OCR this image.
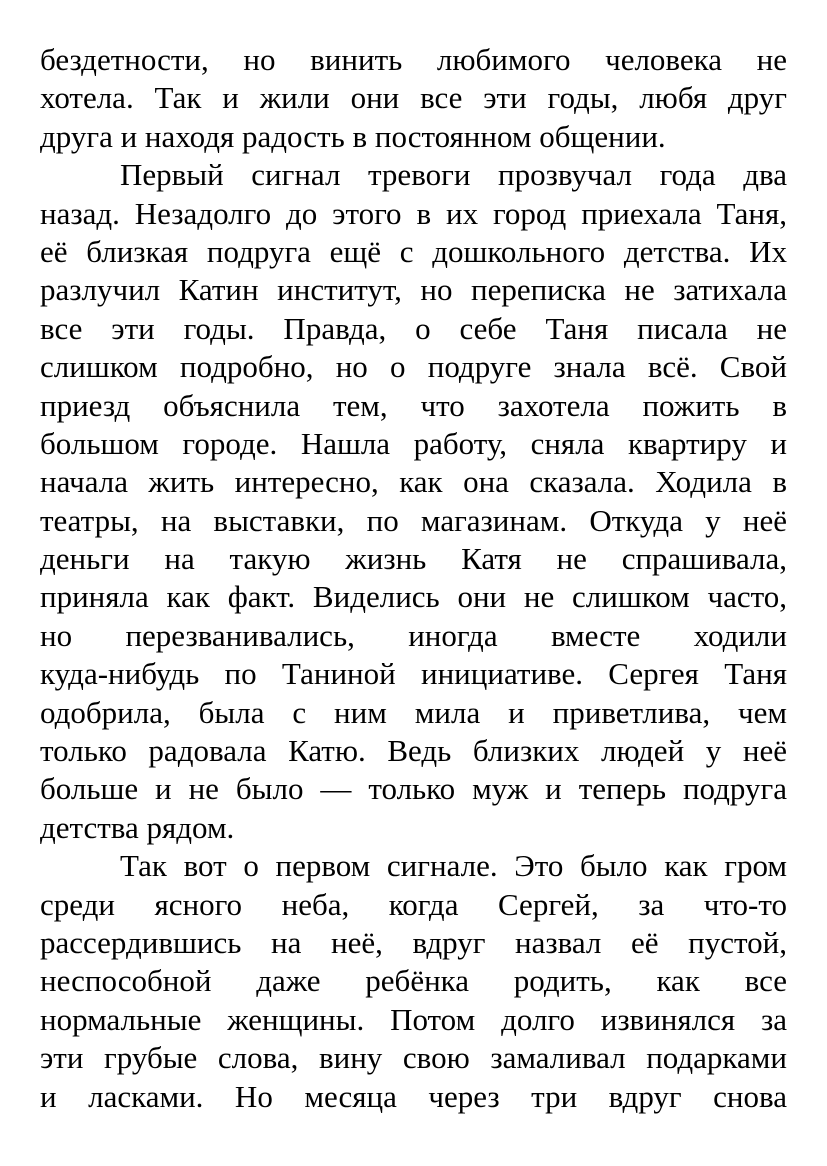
бездетности, но винить любимого человека не
хотела. Так и жили они все эти годы, любя друг
друга и находя радость в постоянном общении.
Первый сигнал тревоги прозвучал года два
назад. Незадолго до этого в их город приехала Таня,
её близкая подруга ещё с дошкольного детства. Их
разлучил Катин институт, но переписка не затихала
все эти годы. Правда, о себе Таня писала не
слишком подробно, но о подруге знала всё. Свой
приезд объяснила тем, что захотела пожить в
большом городе. Нашла работу, сняла квартиру и
начала жить интересно, как она сказала. Ходила в
театры, на выставки, по магазинам. Откуда у неё
деньги на такую жизнь Катя не спрашивала,
приняла как факт. Виделись они не слишком часто,
но перезванивались, иногда вместе ходили
куда-нибудь по Таниной инициативе. Сергея Таня
одобрила, была с ним мила и приветлива, чем
только радовала Катю. Ведь близких людей у неё
больше и не было — только муж и теперь подруга
детства рядом.
Так вот о первом сигнале. Это было как гром
среди ясного неба, когда Сергей, за что-то
рассердившись на неё, вдруг назвал её пустой,
неспособной даже ребёнка родить, как все
нормальные женщины. Потом долго извинялся за
эти грубые слова, вину свою замаливал подарками
и ласками. Но месяца через три вдруг снова
